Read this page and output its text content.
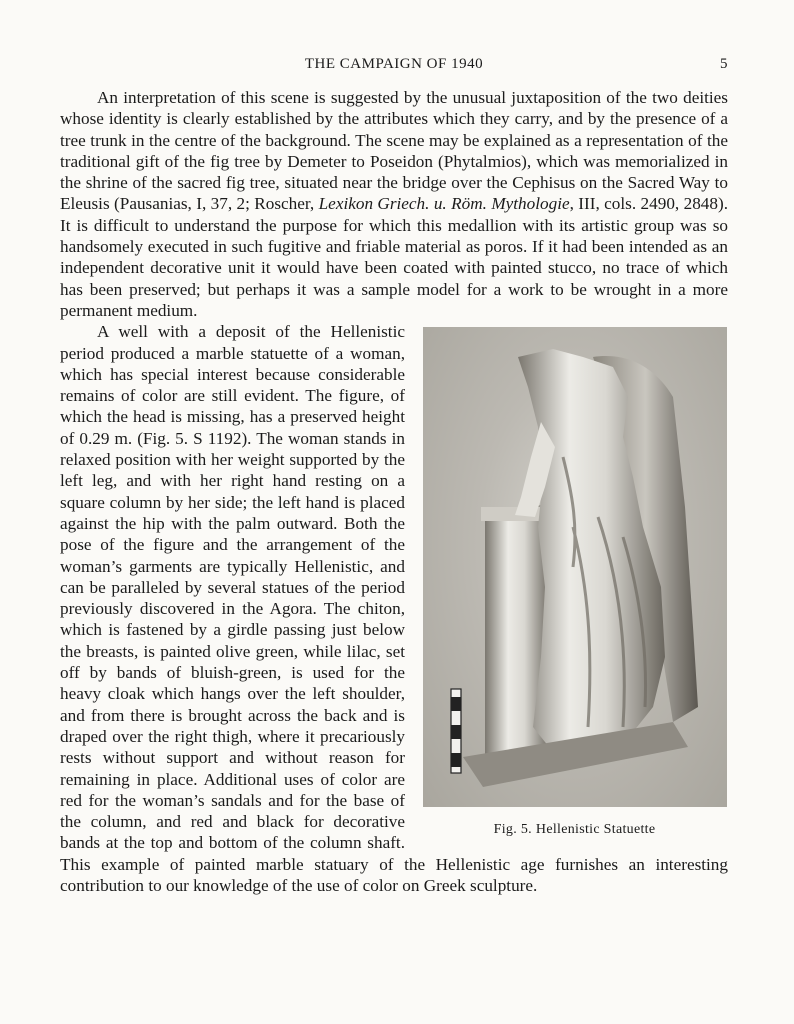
THE CAMPAIGN OF 1940	5

An interpretation of this scene is suggested by the unusual juxtaposition of the two deities whose identity is clearly established by the attributes which they carry, and by the presence of a tree trunk in the centre of the background. The scene may be explained as a representation of the traditional gift of the fig tree by Demeter to Poseidon (Phytalmios), which was memorialized in the shrine of the sacred fig tree, situated near the bridge over the Cephisus on the Sacred Way to Eleusis (Pausanias, I, 37, 2; Roscher, Lexikon Griech. u. Röm. Mythologie, III, cols. 2490, 2848). It is difficult to understand the purpose for which this medallion with its artistic group was so handsomely executed in such fugitive and friable material as poros. If it had been intended as an independent decorative unit it would have been coated with painted stucco, no trace of which has been preserved; but perhaps it was a sample model for a work to be wrought in a more permanent medium.

Fig. 5. Hellenistic Statuette

A well with a deposit of the Hellenistic period produced a marble statuette of a woman, which has special interest because considerable remains of color are still evident. The figure, of which the head is missing, has a preserved height of 0.29 m. (Fig. 5. S 1192). The woman stands in relaxed position with her weight supported by the left leg, and with her right hand resting on a square column by her side; the left hand is placed against the hip with the palm outward. Both the pose of the figure and the arrangement of the woman’s garments are typically Hellenistic, and can be paralleled by several statues of the period previously discovered in the Agora. The chiton, which is fastened by a girdle passing just below the breasts, is painted olive green, while lilac, set off by bands of bluish-green, is used for the heavy cloak which hangs over the left shoulder, and from there is brought across the back and is draped over the right thigh, where it precariously rests without support and without reason for remaining in place. Additional uses of color are red for the woman’s sandals and for the base of the column, and red and black for decorative bands at the top and bottom of the column shaft. This example of painted marble statuary of the Hellenistic age furnishes an interesting contribution to our knowledge of the use of color on Greek sculpture.
